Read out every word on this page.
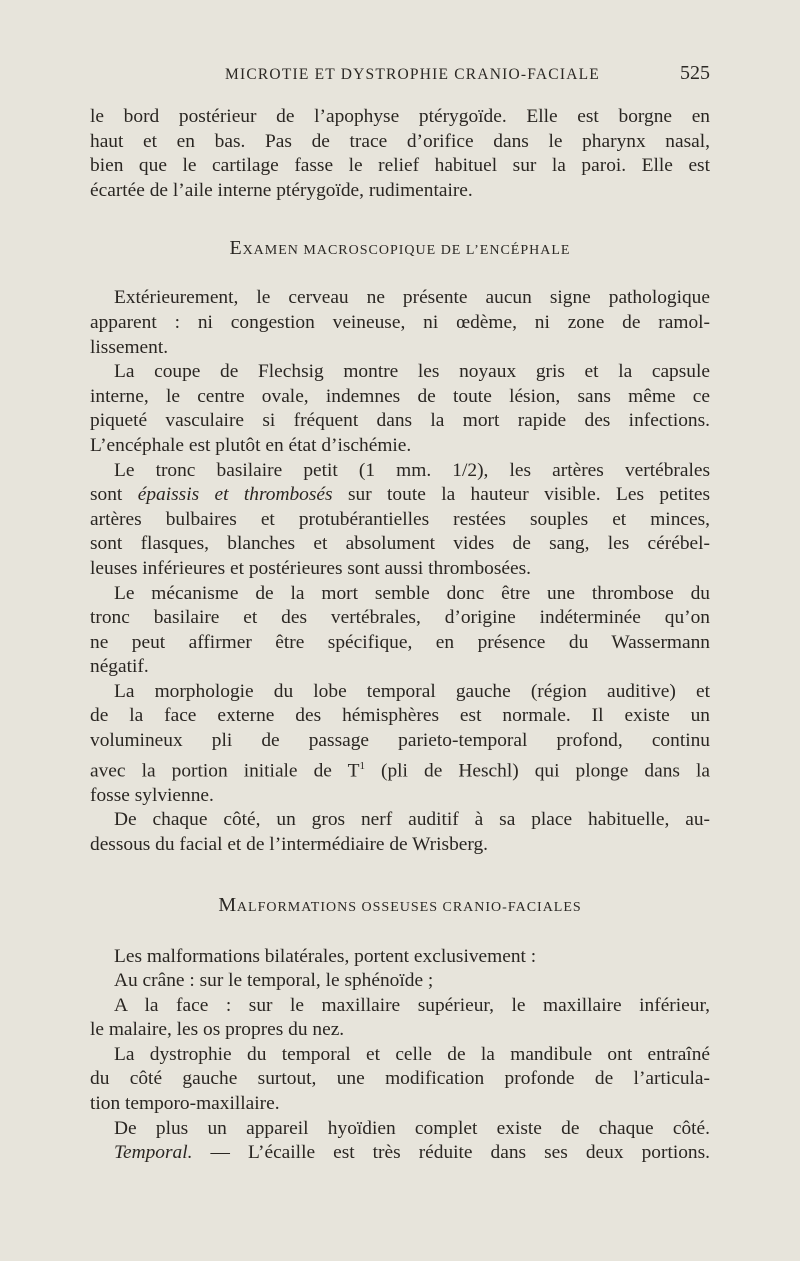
MICROTIE ET DYSTROPHIE CRANIO-FACIALE	525
le bord postérieur de l’apophyse ptérygoïde. Elle est borgne en
haut et en bas. Pas de trace d’orifice dans le pharynx nasal,
bien que le cartilage fasse le relief habituel sur la paroi. Elle est
écartée de l’aile interne ptérygoïde, rudimentaire.
EXAMEN MACROSCOPIQUE DE L’ENCÉPHALE
Extérieurement, le cerveau ne présente aucun signe pathologique
apparent : ni congestion veineuse, ni œdème, ni zone de ramol-
lissement.
La coupe de Flechsig montre les noyaux gris et la capsule
interne, le centre ovale, indemnes de toute lésion, sans même ce
piqueté vasculaire si fréquent dans la mort rapide des infections.
L’encéphale est plutôt en état d’ischémie.
Le tronc basilaire petit (1 mm. 1/2), les artères vertébrales
sont épaissis et thrombosés sur toute la hauteur visible. Les petites
artères bulbaires et protubérantielles restées souples et minces,
sont flasques, blanches et absolument vides de sang, les cérébel-
leuses inférieures et postérieures sont aussi thrombosées.
Le mécanisme de la mort semble donc être une thrombose du
tronc basilaire et des vertébrales, d’origine indéterminée qu’on
ne peut affirmer être spécifique, en présence du Wassermann
négatif.
La morphologie du lobe temporal gauche (région auditive) et
de la face externe des hémisphères est normale. Il existe un
volumineux pli de passage parieto-temporal profond, continu
avec la portion initiale de $T^1$ (pli de Heschl) qui plonge dans la
fosse sylvienne.
De chaque côté, un gros nerf auditif à sa place habituelle, au-
dessous du facial et de l’intermédiaire de Wrisberg.
MALFORMATIONS OSSEUSES CRANIO-FACIALES
Les malformations bilatérales, portent exclusivement :
Au crâne : sur le temporal, le sphénoïde ;
A la face : sur le maxillaire supérieur, le maxillaire inférieur,
le malaire, les os propres du nez.
La dystrophie du temporal et celle de la mandibule ont entraîné
du côté gauche surtout, une modification profonde de l’articula-
tion temporo-maxillaire.
De plus un appareil hyoïdien complet existe de chaque côté.
Temporal. — L’écaille est très réduite dans ses deux portions.
